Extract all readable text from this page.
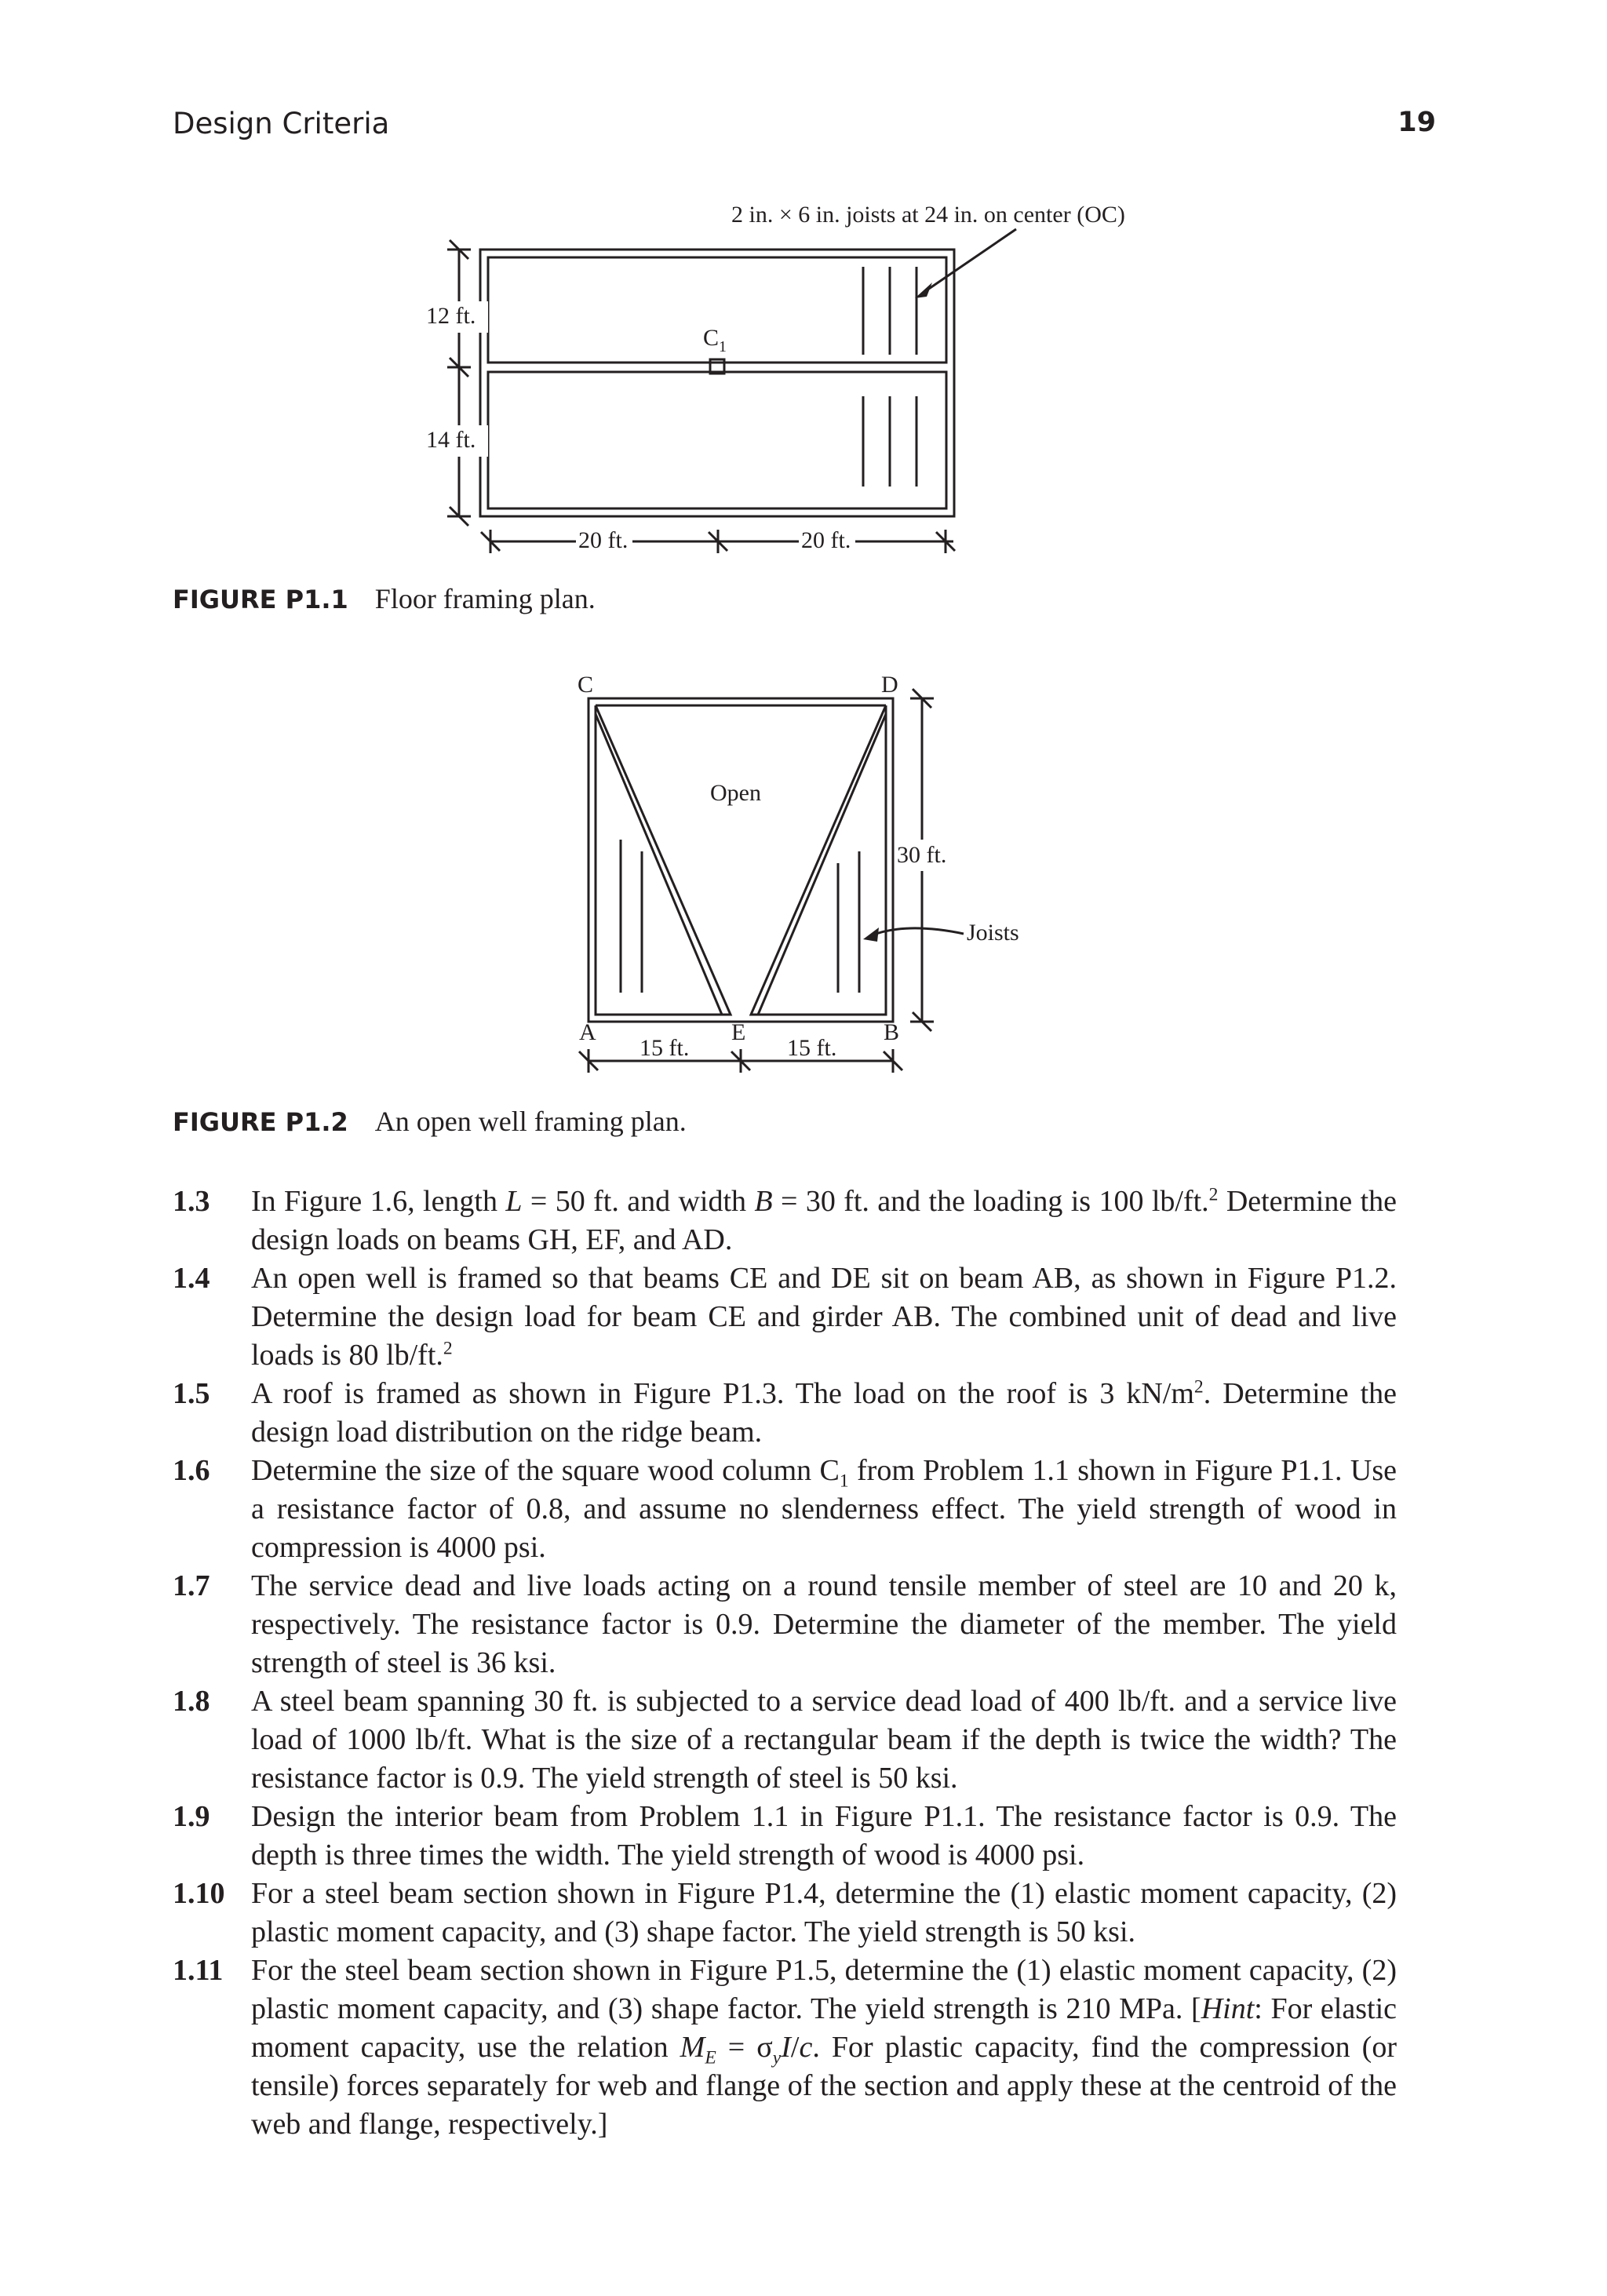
Design Criteria	19
2 in. × 6 in. joists at 24 in. on center (OC)
$C_1$
12 ft.
14 ft.
20 ft.	20 ft.
FIGURE P1.1 Floor framing plan.
C	D
Open
30 ft.
Joists
A	E	B
15 ft.	15 ft.
FIGURE P1.2 An open well framing plan.
1.3	In Figure 1.6, length L = 50 ft. and width B = 30 ft. and the loading is 100 lb/ft.$^2$ Determine the design loads on beams GH, EF, and AD.
1.4	An open well is framed so that beams CE and DE sit on beam AB, as shown in Figure P1.2. Determine the design load for beam CE and girder AB. The combined unit of dead and live loads is 80 lb/ft.$^2$
1.5	A roof is framed as shown in Figure P1.3. The load on the roof is 3 $kN/m^2$. Determine the design load distribution on the ridge beam.
1.6	Determine the size of the square wood column $C_1$ from Problem 1.1 shown in Figure P1.1. Use a resistance factor of 0.8, and assume no slenderness effect. The yield strength of wood in compression is 4000 psi.
1.7	The service dead and live loads acting on a round tensile member of steel are 10 and 20 k, respectively. The resistance factor is 0.9. Determine the diameter of the member. The yield strength of steel is 36 ksi.
1.8	A steel beam spanning 30 ft. is subjected to a service dead load of 400 lb/ft. and a service live load of 1000 lb/ft. What is the size of a rectangular beam if the depth is twice the width? The resistance factor is 0.9. The yield strength of steel is 50 ksi.
1.9	Design the interior beam from Problem 1.1 in Figure P1.1. The resistance factor is 0.9. The depth is three times the width. The yield strength of wood is 4000 psi.
1.10 For a steel beam section shown in Figure P1.4, determine the (1) elastic moment capacity, (2) plastic moment capacity, and (3) shape factor. The yield strength is 50 ksi.
1.11 For the steel beam section shown in Figure P1.5, determine the (1) elastic moment capacity, (2) plastic moment capacity, and (3) shape factor. The yield strength is 210 MPa. [Hint: For elastic moment capacity, use the relation $M_E = \sigma_yI/c$. For plastic capacity, find the compression (or tensile) forces separately for web and flange of the section and apply these at the centroid of the web and flange, respectively.]
